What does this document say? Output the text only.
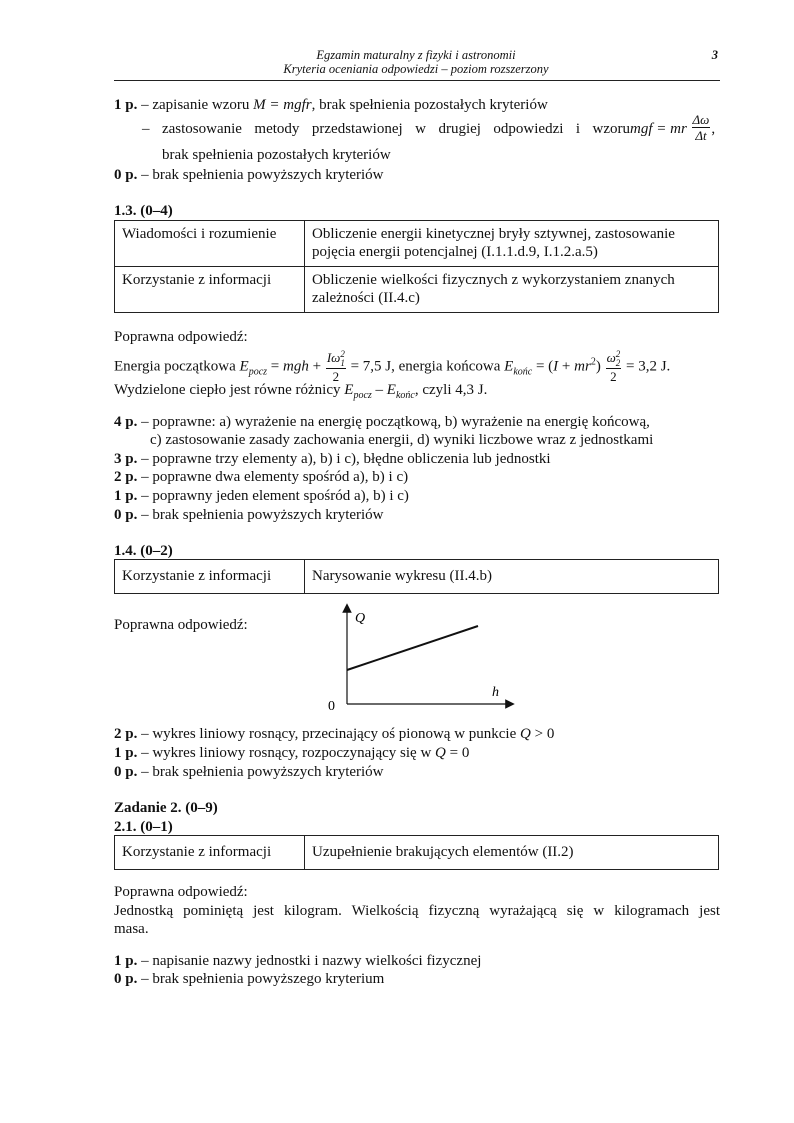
Egzamin maturalny z fizyki i astronomii
Kryteria oceniania odpowiedzi – poziom rozszerzony
3
1 p. – zapisanie wzoru M = mgfr, brak spełnienia pozostałych kryteriów
– zastosowanie metody przedstawionej w drugiej odpowiedzi i wzorumgf = mr $\frac{\Delta\omega}{\Delta t}$ ,
brak spełnienia pozostałych kryteriów
0 p. – brak spełnienia powyższych kryteriów
1.3. (0–4)
Wiadomości i rozumienie	Obliczenie energii kinetycznej bryły sztywnej, zastosowanie pojęcia energii potencjalnej (I.1.1.d.9, I.1.2.a.5)
Korzystanie z informacji	Obliczenie wielkości fizycznych z wykorzystaniem znanych zależności (II.4.c)
Poprawna odpowiedź:
Energia początkowa $E_{pocz}$ = mgh + Iω 2
1
2 = 7,5 J, energia końcowa $E_{końc} = (I + mr^2)$ ω 2
2
2 = 3,2 J.
Wydzielone ciepło jest równe różnicy $E_{pocz} - E_{końc}$, czyli 4,3 J.
4 p. – poprawne: a) wyrażenie na energię początkową, b) wyrażenie na energię końcową,
c) zastosowanie zasady zachowania energii, d) wyniki liczbowe wraz z jednostkami
3 p. – poprawne trzy elementy a), b) i c), błędne obliczenia lub jednostki
2 p. – poprawne dwa elementy spośród a), b) i c)
1 p. – poprawny jeden element spośród a), b) i c)
0 p. – brak spełnienia powyższych kryteriów
1.4. (0–2)
Korzystanie z informacji	Narysowanie wykresu (II.4.b)
Poprawna odpowiedź:	Q
h
0
2 p. – wykres liniowy rosnący, przecinający oś pionową w punkcie Q > 0
1 p. – wykres liniowy rosnący, rozpoczynający się w Q = 0
0 p. – brak spełnienia powyższych kryteriów
Zadanie 2. (0–9)
2.1. (0–1)
Korzystanie z informacji	Uzupełnienie brakujących elementów (II.2)
Poprawna odpowiedź:
Jednostką pominiętą jest kilogram. Wielkością fizyczną wyrażającą się w kilogramach jest
masa.
1 p. – napisanie nazwy jednostki i nazwy wielkości fizycznej
0 p. – brak spełnienia powyższego kryterium
